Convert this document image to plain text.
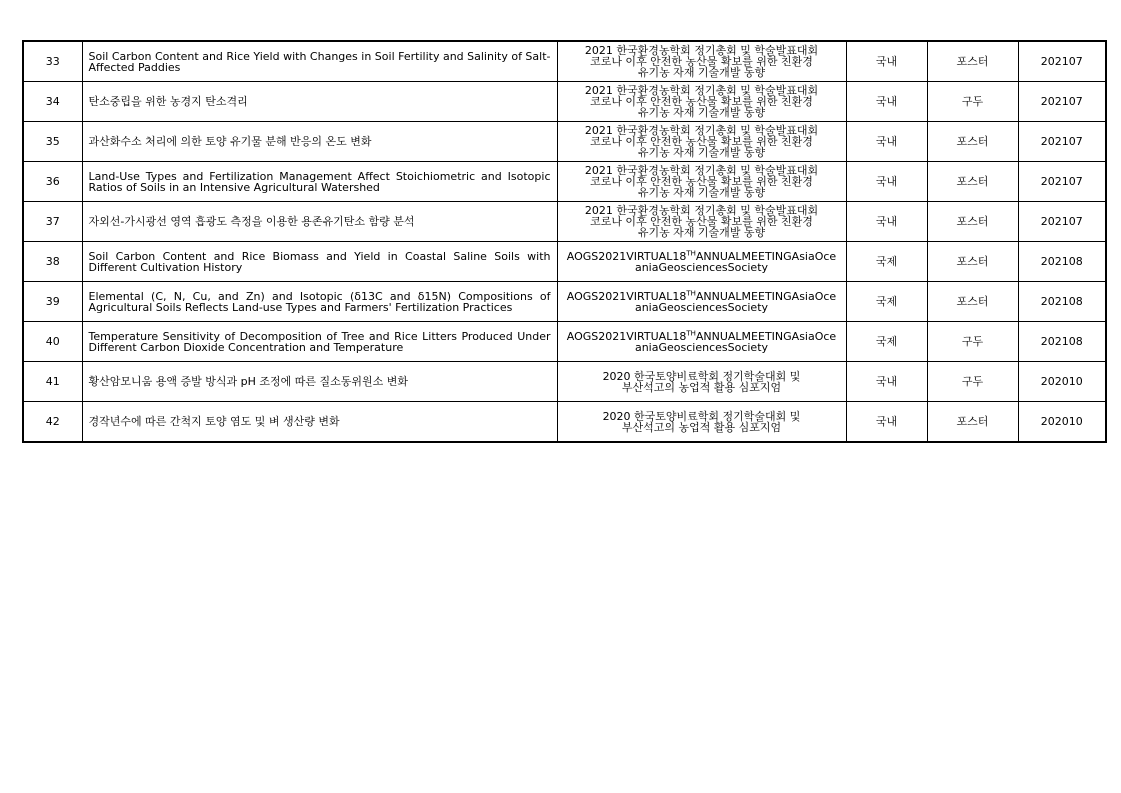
33	Soil Carbon Content and Rice Yield with Changes in Soil Fertility and Salinity of Salt-Affected Paddies	2021 한국환경농학회 정기총회 및 학술발표대회
코로나 이후 안전한 농산물 확보를 위한 친환경
유기농 자재 기술개발 동향	국내	포스터	202107
34	탄소중립을 위한 농경지 탄소격리	2021 한국환경농학회 정기총회 및 학술발표대회
코로나 이후 안전한 농산물 확보를 위한 친환경
유기농 자재 기술개발 동향	국내	구두	202107
35	과산화수소 처리에 의한 토양 유기물 분해 반응의 온도 변화	2021 한국환경농학회 정기총회 및 학술발표대회
코로나 이후 안전한 농산물 확보를 위한 친환경
유기농 자재 기술개발 동향	국내	포스터	202107
36	Land-Use Types and Fertilization Management Affect Stoichiometric and Isotopic Ratios of Soils in an Intensive Agricultural Watershed	2021 한국환경농학회 정기총회 및 학술발표대회
코로나 이후 안전한 농산물 확보를 위한 친환경
유기농 자재 기술개발 동향	국내	포스터	202107
37	자외선-가시광선 영역 흡광도 측정을 이용한 용존유기탄소 함량 분석	2021 한국환경농학회 정기총회 및 학술발표대회
코로나 이후 안전한 농산물 확보를 위한 친환경
유기농 자재 기술개발 동향	국내	포스터	202107
38	Soil Carbon Content and Rice Biomass and Yield in Coastal Saline Soils with Different Cultivation History	AOGS2021VIRTUAL18THANNUALMEETINGAsiaOce
aniaGeosciencesSociety	국제	포스터	202108
39	Elemental (C, N, Cu, and Zn) and Isotopic (δ13C and δ15N) Compositions of Agricultural Soils Reflects Land-use Types and Farmers' Fertilization Practices	AOGS2021VIRTUAL18THANNUALMEETINGAsiaOce
aniaGeosciencesSociety	국제	포스터	202108
40	Temperature Sensitivity of Decomposition of Tree and Rice Litters Produced Under Different Carbon Dioxide Concentration and Temperature	AOGS2021VIRTUAL18THANNUALMEETINGAsiaOce
aniaGeosciencesSociety	국제	구두	202108
41	황산암모니움 용액 증발 방식과 pH 조정에 따른 질소동위원소 변화	2020 한국토양비료학회 정기학술대회 및
부산석고의 농업적 활용 심포지엄	국내	구두	202010
42	경작년수에 따른 간척지 토양 염도 및 벼 생산량 변화	2020 한국토양비료학회 정기학술대회 및
부산석고의 농업적 활용 심포지엄	국내	포스터	202010
